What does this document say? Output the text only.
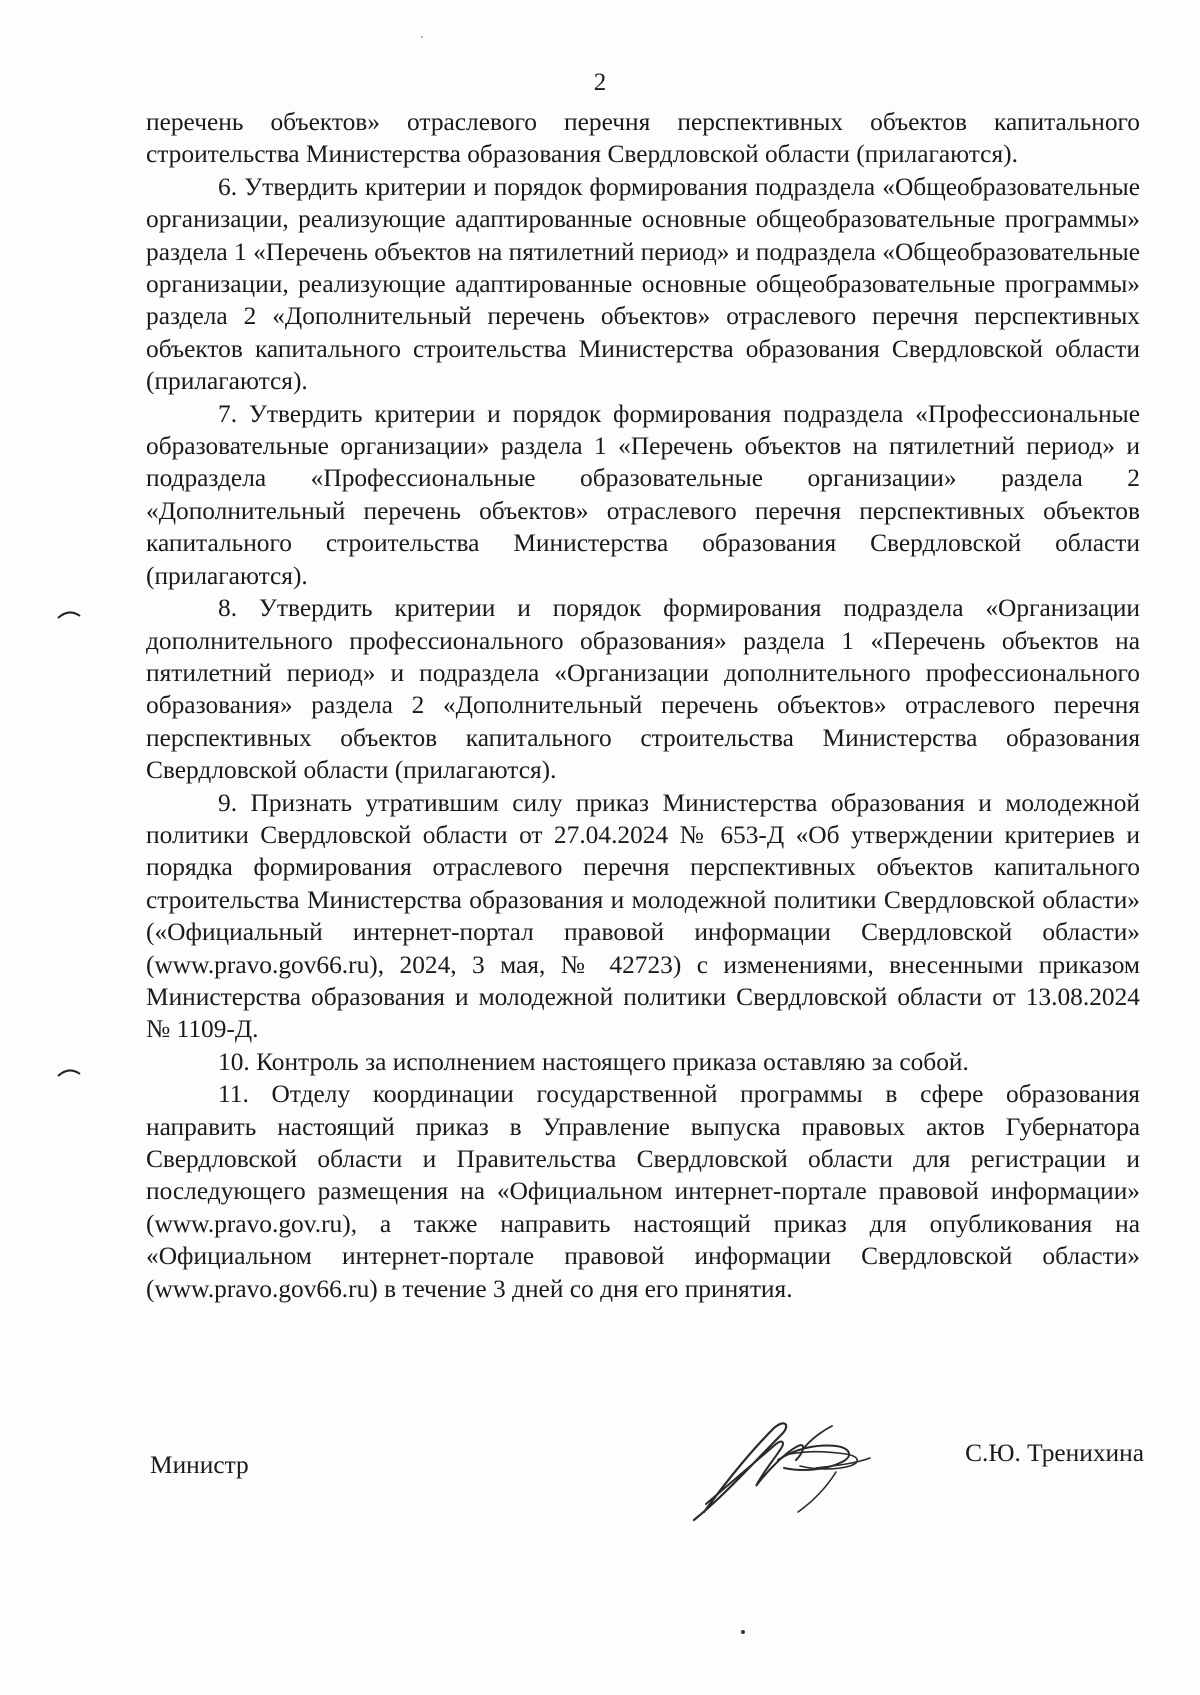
2

перечень объектов» отраслевого перечня перспективных объектов капитального строительства Министерства образования Свердловской области (прилагаются).

6. Утвердить критерии и порядок формирования подраздела «Общеобразовательные организации, реализующие адаптированные основные общеобразовательные программы» раздела 1 «Перечень объектов на пятилетний период» и подраздела «Общеобразовательные организации, реализующие адаптированные основные общеобразовательные программы» раздела 2 «Дополнительный перечень объектов» отраслевого перечня перспективных объектов капитального строительства Министерства образования Свердловской области (прилагаются).

7. Утвердить критерии и порядок формирования подраздела «Профессиональные образовательные организации» раздела 1 «Перечень объектов на пятилетний период» и подраздела «Профессиональные образовательные организации» раздела 2 «Дополнительный перечень объектов» отраслевого перечня перспективных объектов капитального строительства Министерства образования Свердловской области (прилагаются).

8. Утвердить критерии и порядок формирования подраздела «Организации дополнительного профессионального образования» раздела 1 «Перечень объектов на пятилетний период» и подраздела «Организации дополнительного профессионального образования» раздела 2 «Дополнительный перечень объектов» отраслевого перечня перспективных объектов капитального строительства Министерства образования Свердловской области (прилагаются).

9. Признать утратившим силу приказ Министерства образования и молодежной политики Свердловской области от 27.04.2024 № 653-Д «Об утверждении критериев и порядка формирования отраслевого перечня перспективных объектов капитального строительства Министерства образования и молодежной политики Свердловской области» («Официальный интернет-портал правовой информации Свердловской области» (www.pravo.gov66.ru), 2024, 3 мая, № 42723) с изменениями, внесенными приказом Министерства образования и молодежной политики Свердловской области от 13.08.2024 № 1109-Д.

10. Контроль за исполнением настоящего приказа оставляю за собой.

11. Отделу координации государственной программы в сфере образования направить настоящий приказ в Управление выпуска правовых актов Губернатора Свердловской области и Правительства Свердловской области для регистрации и последующего размещения на «Официальном интернет-портале правовой информации» (www.pravo.gov.ru), а также направить настоящий приказ для опубликования на «Официальном интернет-портале правовой информации Свердловской области» (www.pravo.gov66.ru) в течение 3 дней со дня его принятия.

Министр	С.Ю. Тренихина
